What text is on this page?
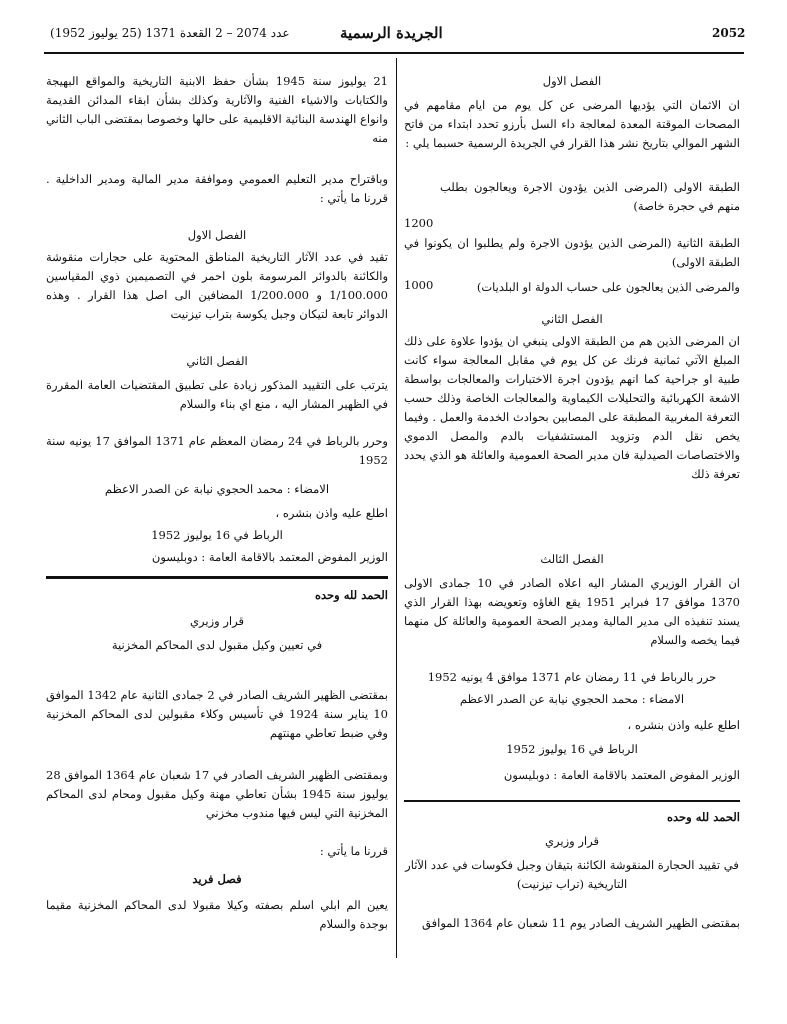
2052
الجريدة الرسمية
عدد 2074 – 2 القعدة 1371 (25 يوليوز 1952)
الفصل الاول
ان الاثمان التي يؤديها المرضى عن كل يوم من ايام مقامهم في المصحات الموقتة المعدة لمعالجة داء السل بأرزو تحدد ابتداء من فاتح الشهر الموالي بتاريخ نشر هذا القرار في الجريدة الرسمية حسبما يلي :
الطبقة الاولى (المرضى الذين يؤدون الاجرة ويعالجون بطلب منهم في حجرة خاصة)
1200
الطبقة الثانية (المرضى الذين يؤدون الاجرة ولم يطلبوا ان يكونوا في الطبقة الاولى)
والمرضى الذين يعالجون على حساب الدولة او البلديات)
1000
الفصل الثاني
ان المرضى الذين هم من الطبقة الاولى ينبغي ان يؤدوا علاوة على ذلك المبلغ الآتي ثمانية فرنك عن كل يوم في مقابل المعالجة سواء كانت طبية او جراحية كما انهم يؤدون اجرة الاختبارات والمعالجات بواسطة الاشعة الكهربائية والتحليلات الكيماوية والمعالجات الخاصة وذلك حسب التعرفة المغربية المطبقة على المصابين بحوادث الخدمة والعمل . وفيما يخص نقل الدم وتزويد المستشفيات بالدم والمصل الدموي والاختصاصات الصيدلية فان مدير الصحة العمومية والعائلة هو الذي يحدد تعرفة ذلك
الفصل الثالث
ان القرار الوزيري المشار اليه اعلاه الصادر في 10 جمادى الاولى 1370 موافق 17 فبراير 1951 يقع الغاؤه وتعويضه بهذا القرار الذي يسند تنفيذه الى مدير المالية ومدير الصحة العمومية والعائلة كل منهما فيما يخصه والسلام
حرر بالرباط في 11 رمضان عام 1371 موافق 4 يونيه 1952
الامضاء : محمد الحجوي نيابة عن الصدر الاعظم
اطلع عليه واذن بنشره ،
الرباط في 16 يوليوز 1952
الوزير المفوض المعتمد بالاقامة العامة : دوبليسون
الحمد لله وحده
قرار وزيري
في تقييد الحجارة المنقوشة الكائنة بتيقان وجبل فكوسات في عدد الآثار التاريخية (تراب تيزنيت)
بمقتضى الظهير الشريف الصادر يوم 11 شعبان عام 1364 الموافق
21 يوليوز سنة 1945 بشأن حفظ الابنية التاريخية والمواقع البهيجة والكتابات والاشياء الفنية والآثارية وكذلك بشأن ابقاء المدائن القديمة وانواع الهندسة البنائية الاقليمية على حالها وخصوصا بمقتضى الباب الثاني منه
وباقتراح مدير التعليم العمومي وموافقة مدير المالية ومدير الداخلية . قررنا ما يأتي :
الفصل الاول
تقيد في عدد الآثار التاريخية المناطق المحتوية على حجارات منقوشة والكائنة بالدوائر المرسومة بلون احمر في التصميمين ذوي المقياسين 1/100.000 و 1/200.000 المضافين الى اصل هذا القرار . وهذه الدوائر تابعة لتيكان وجبل يكوسة بتراب تيزنيت
الفصل الثاني
يترتب على التقييد المذكور زيادة على تطبيق المقتضيات العامة المقررة في الظهير المشار اليه ، منع اي بناء والسلام
وحرر بالرباط في 24 رمضان المعظم عام 1371 الموافق 17 يونيه سنة 1952
الامضاء : محمد الحجوي نيابة عن الصدر الاعظم
اطلع عليه واذن بنشره ،
الرباط في 16 يوليوز 1952
الوزير المفوض المعتمد بالاقامة العامة : دوبليسون
الحمد لله وحده
قرار وزيري
في تعيين وكيل مقبول لدى المحاكم المخزنية
بمقتضى الظهير الشريف الصادر في 2 جمادى الثانية عام 1342 الموافق 10 يناير سنة 1924 في تأسيس وكلاء مقبولين لدى المحاكم المخزنية وفي ضبط تعاطي مهنتهم
وبمقتضى الظهير الشريف الصادر في 17 شعبان عام 1364 الموافق 28 يوليوز سنة 1945 بشأن تعاطي مهنة وكيل مقبول ومحام لدى المحاكم المخزنية التي ليس فيها مندوب مخزني
قررنا ما يأتي :
فصل فريد
يعين الم ابلي اسلم بصفته وكيلا مقبولا لدى المحاكم المخزنية مقيما بوجدة والسلام
